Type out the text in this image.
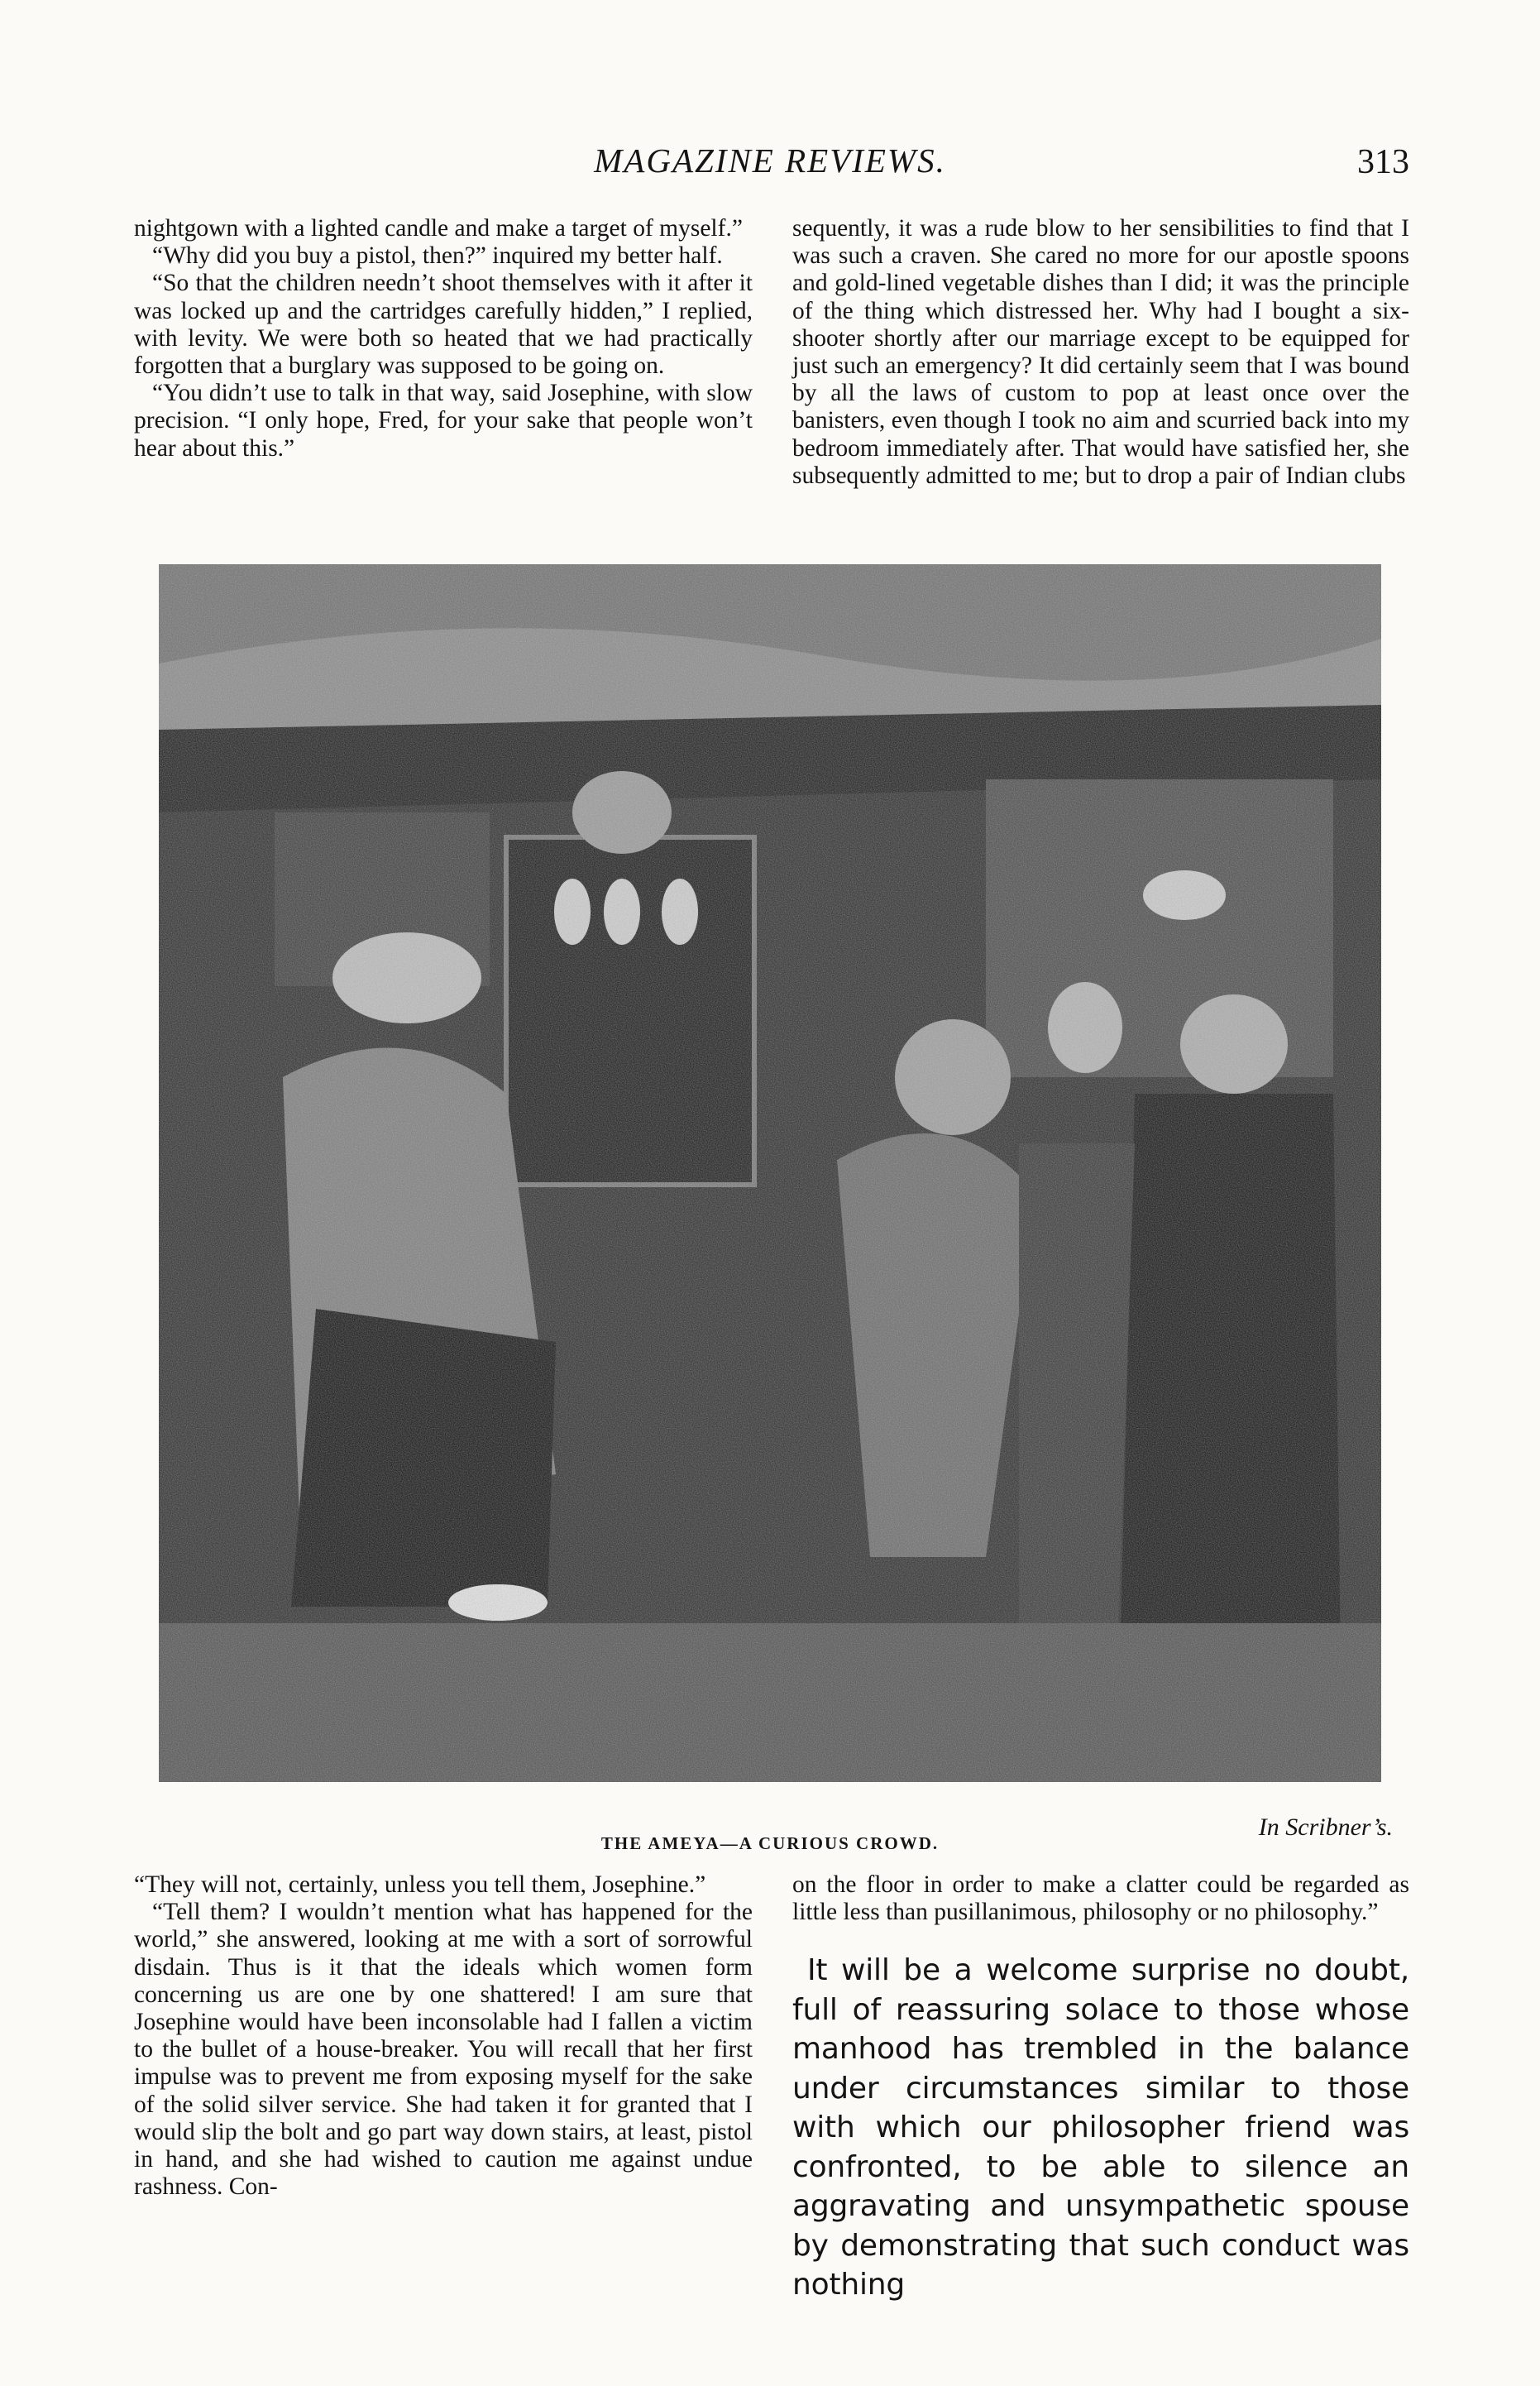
MAGAZINE REVIEWS.	313

nightgown with a lighted candle and make a target of myself.”

“Why did you buy a pistol, then?” inquired my better half.

“So that the children needn’t shoot themselves with it after it was locked up and the cartridges carefully hidden,” I replied, with levity. We were both so heated that we had practically forgotten that a burglary was supposed to be going on.

“You didn’t use to talk in that way, said Josephine, with slow precision. “I only hope, Fred, for your sake that people won’t hear about this.”

sequently, it was a rude blow to her sensibilities to find that I was such a craven. She cared no more for our apostle spoons and gold-lined vegetable dishes than I did; it was the principle of the thing which distressed her. Why had I bought a six-shooter shortly after our marriage except to be equipped for just such an emergency? It did certainly seem that I was bound by all the laws of custom to pop at least once over the banisters, even though I took no aim and scurried back into my bedroom immediately after. That would have satisfied her, she subsequently admitted to me; but to drop a pair of Indian clubs

In Scribner’s.
THE AMEYA—A CURIOUS CROWD.

“They will not, certainly, unless you tell them, Josephine.”

“Tell them? I wouldn’t mention what has happened for the world,” she answered, looking at me with a sort of sorrowful disdain. Thus is it that the ideals which women form concerning us are one by one shattered! I am sure that Josephine would have been inconsolable had I fallen a victim to the bullet of a house-breaker. You will recall that her first impulse was to prevent me from exposing myself for the sake of the solid silver service. She had taken it for granted that I would slip the bolt and go part way down stairs, at least, pistol in hand, and she had wished to caution me against undue rashness. Con-

on the floor in order to make a clatter could be regarded as little less than pusillanimous, philosophy or no philosophy.”

It will be a welcome surprise no doubt, full of reassuring solace to those whose manhood has trembled in the balance under circumstances similar to those with which our philosopher friend was confronted, to be able to silence an aggravating and unsympathetic spouse by demonstrating that such conduct was nothing
